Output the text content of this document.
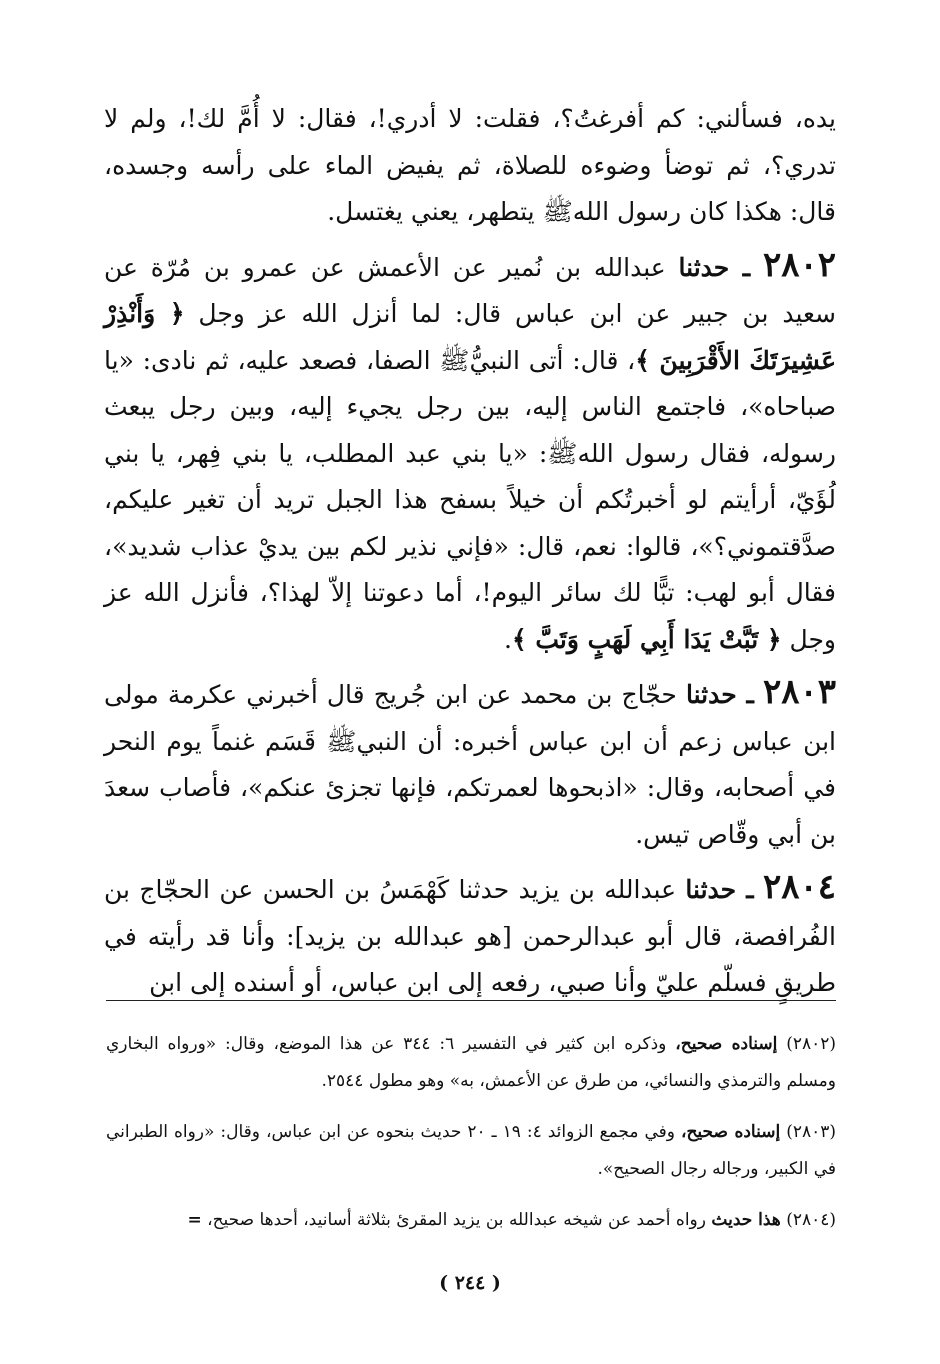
يده، فسألني: كم أفرغتُ؟، فقلت: لا أدري!، فقال: لا أُمَّ لك!، ولم لا تدري؟، ثم توضأ وضوءه للصلاة، ثم يفيض الماء على رأسه وجسده، قال: هكذا كان رسول اللهﷺ يتطهر، يعني يغتسل.

٢٨٠٢ ـ حدثنا عبدالله بن نُمير عن الأعمش عن عمرو بن مُرّة عن سعيد بن جبير عن ابن عباس قال: لما أنزل الله عز وجل ﴿ وَأَنْذِرْ عَشِيرَتَكَ الأَقْرَبِينَ ﴾، قال: أتى النبيُّﷺ الصفا، فصعد عليه، ثم نادى: «يا صباحاه»، فاجتمع الناس إليه، بين رجل يجيء إليه، وبين رجل يبعث رسوله، فقال رسول اللهﷺ: «يا بني عبد المطلب، يا بني فِهر، يا بني لُؤَيّ، أرأيتم لو أخبرتُكم أن خيلاً بسفح هذا الجبل تريد أن تغير عليكم، صدَّقتموني؟»، قالوا: نعم، قال: «فإني نذير لكم بين يديْ عذاب شديد»، فقال أبو لهب: تبًّا لك سائر اليوم!، أما دعوتنا إلاّ لهذا؟، فأنزل الله عز وجل ﴿ تَبَّتْ يَدَا أَبِي لَهَبٍ وَتَبَّ ﴾.

٢٨٠٣ ـ حدثنا حجّاج بن محمد عن ابن جُريج قال أخبرني عكرمة مولى ابن عباس زعم أن ابن عباس أخبره: أن النبيﷺ قَسَم غنماً يوم النحر في أصحابه، وقال: «اذبحوها لعمرتكم، فإنها تجزئ عنكم»، فأصاب سعدَ بن أبي وقّاص تيس.

٢٨٠٤ ـ حدثنا عبدالله بن يزيد حدثنا كَهْمَسُ بن الحسن عن الحجّاج بن الفُرافصة، قال أبو عبدالرحمن [هو عبدالله بن يزيد]: وأنا قد رأيته في طريقٍ فسلّم عليّ وأنا صبي، رفعه إلى ابن عباس، أو أسنده إلى ابن

(٢٨٠٢) إسناده صحيح، وذكره ابن كثير في التفسير ٦: ٣٤٤ عن هذا الموضع، وقال: «ورواه البخاري ومسلم والترمذي والنسائي، من طرق عن الأعمش، به» وهو مطول ٢٥٤٤.

(٢٨٠٣) إسناده صحيح، وفي مجمع الزوائد ٤: ١٩ ـ ٢٠ حديث بنحوه عن ابن عباس، وقال: «رواه الطبراني في الكبير، ورجاله رجال الصحيح».

(٢٨٠٤) هذا حديث رواه أحمد عن شيخه عبدالله بن يزيد المقرئ بثلاثة أسانيد، أحدها صحيح، =

( ٢٤٤ )
